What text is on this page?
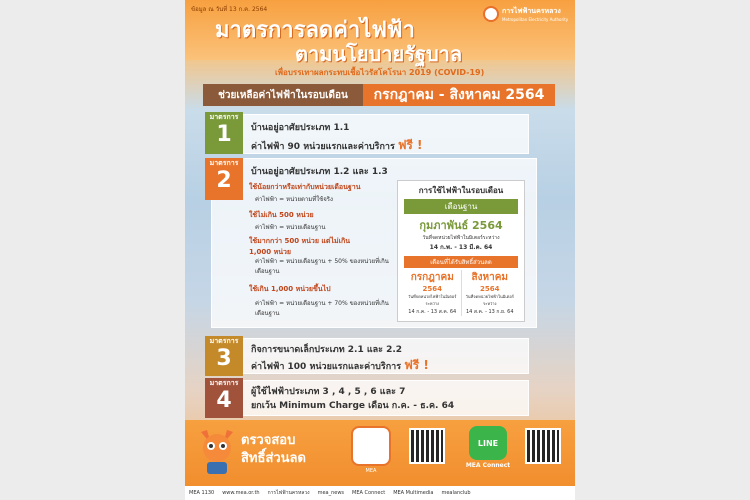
ข้อมูล ณ วันที่ 13 ก.ค. 2564	การไฟฟ้านครหลวง
Metropolitan Electricity Authority
มาตรการลดค่าไฟฟ้า
ตามนโยบายรัฐบาล
เพื่อบรรเทาผลกระทบเชื้อไวรัสโคโรนา 2019 (COVID-19)
ช่วยเหลือค่าไฟฟ้าในรอบเดือน	กรกฎาคม - สิงหาคม 2564
มาตรการ
1 บ้านอยู่อาศัยประเภท 1.1
ค่าไฟฟ้า 90 หน่วยแรกและค่าบริการ ฟรี !
มาตรการ
2 บ้านอยู่อาศัยประเภท 1.2 และ 1.3
ใช้น้อยกว่าหรือเท่ากับหน่วยเดือนฐาน
ค่าไฟฟ้า = หน่วยตามที่ใช้จริง
ใช้ไม่เกิน 500 หน่วย
ค่าไฟฟ้า = หน่วยเดือนฐาน
ใช้มากกว่า 500 หน่วย แต่ไม่เกิน 1,000 หน่วย
ค่าไฟฟ้า = หน่วยเดือนฐาน + 50% ของหน่วยที่เกินเดือนฐาน
ใช้เกิน 1,000 หน่วยขึ้นไป
ค่าไฟฟ้า = หน่วยเดือนฐาน + 70% ของหน่วยที่เกินเดือนฐาน
การใช้ไฟฟ้าในรอบเดือน
เดือนฐาน
กุมภาพันธ์ 2564
วันที่จดหน่วยไฟฟ้าในมิเตอร์ระหว่าง
14 ก.พ. - 13 มี.ค. 64
เดือนที่ได้รับสิทธิ์ส่วนลด
กรกฎาคม
2564
วันที่จดหน่วยไฟฟ้าในมิเตอร์ระหว่าง
14 ก.ค. - 13 ส.ค. 64
สิงหาคม
2564
วันที่จดหน่วยไฟฟ้าในมิเตอร์ระหว่าง
14 ส.ค. - 13 ก.ย. 64
มาตรการ
3 กิจการขนาดเล็กประเภท 2.1 และ 2.2
ค่าไฟฟ้า 100 หน่วยแรกและค่าบริการ ฟรี !
มาตรการ
4 ผู้ใช้ไฟฟ้าประเภท 3 , 4 , 5 , 6 และ 7
ยกเว้น Minimum Charge เดือน ก.ค. - ธ.ค. 64
ตรวจสอบ
สิทธิ์ส่วนลด
MEA
LINE
MEA Connect
MEA 1130 www.mea.or.th การไฟฟ้านครหลวง mea_news MEA Connect MEA Multimedia mealanclub
